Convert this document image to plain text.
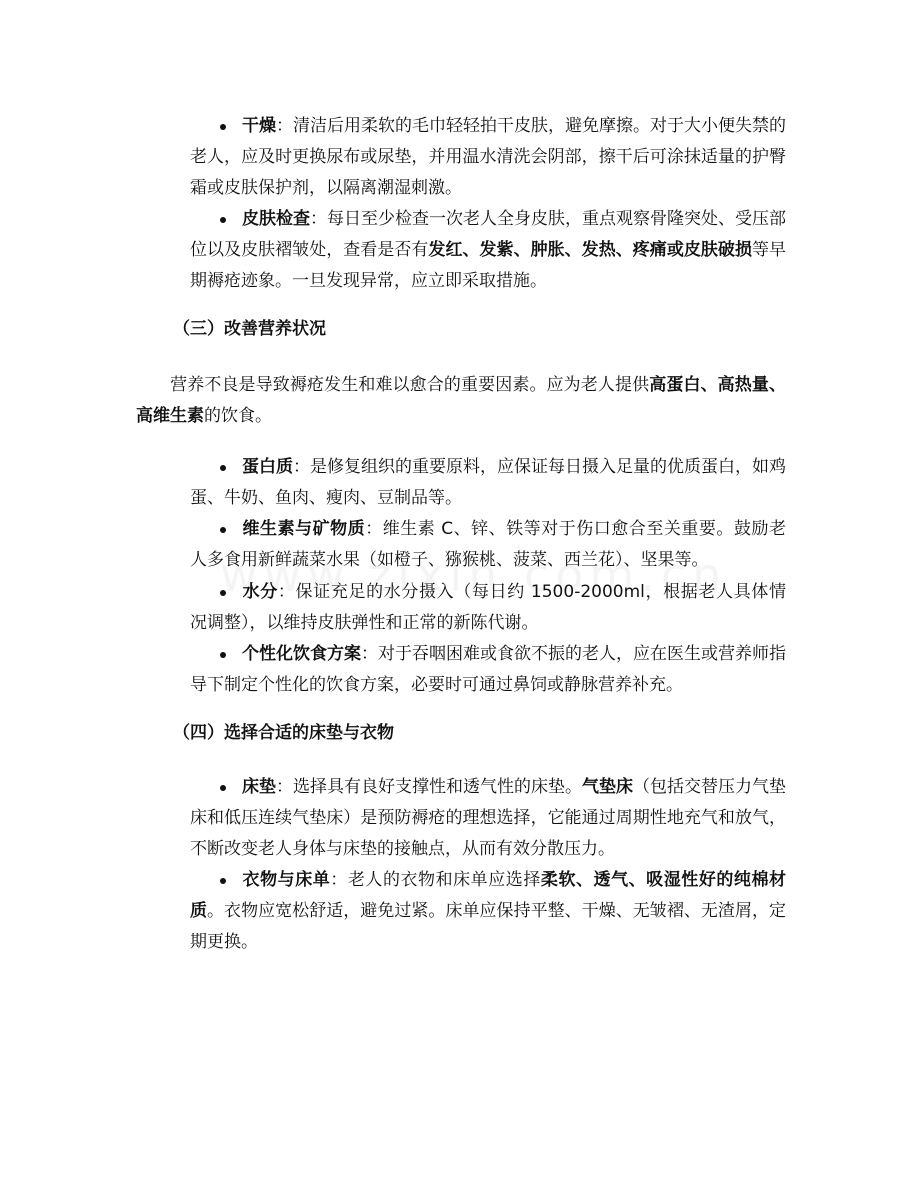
干燥：清洁后用柔软的毛巾轻轻拍干皮肤，避免摩擦。对于大小便失禁的老人，应及时更换尿布或尿垫，并用温水清洗会阴部，擦干后可涂抹适量的护臀霜或皮肤保护剂，以隔离潮湿刺激。

皮肤检查：每日至少检查一次老人全身皮肤，重点观察骨隆突处、受压部位以及皮肤褶皱处，查看是否有发红、发紫、肿胀、发热、疼痛或皮肤破损等早期褥疮迹象。一旦发现异常，应立即采取措施。

（三）改善营养状况

营养不良是导致褥疮发生和难以愈合的重要因素。应为老人提供高蛋白、高热量、高维生素的饮食。

蛋白质：是修复组织的重要原料，应保证每日摄入足量的优质蛋白，如鸡蛋、牛奶、鱼肉、瘦肉、豆制品等。

维生素与矿物质：维生素 C、锌、铁等对于伤口愈合至关重要。鼓励老人多食用新鲜蔬菜水果（如橙子、猕猴桃、菠菜、西兰花）、坚果等。

水分：保证充足的水分摄入（每日约 1500-2000ml，根据老人具体情况调整），以维持皮肤弹性和正常的新陈代谢。

个性化饮食方案：对于吞咽困难或食欲不振的老人，应在医生或营养师指导下制定个性化的饮食方案，必要时可通过鼻饲或静脉营养补充。

（四）选择合适的床垫与衣物

床垫：选择具有良好支撑性和透气性的床垫。气垫床（包括交替压力气垫床和低压连续气垫床）是预防褥疮的理想选择，它能通过周期性地充气和放气，不断改变老人身体与床垫的接触点，从而有效分散压力。

衣物与床单：老人的衣物和床单应选择柔软、透气、吸湿性好的纯棉材质。衣物应宽松舒适，避免过紧。床单应保持平整、干燥、无皱褶、无渣屑，定期更换。
